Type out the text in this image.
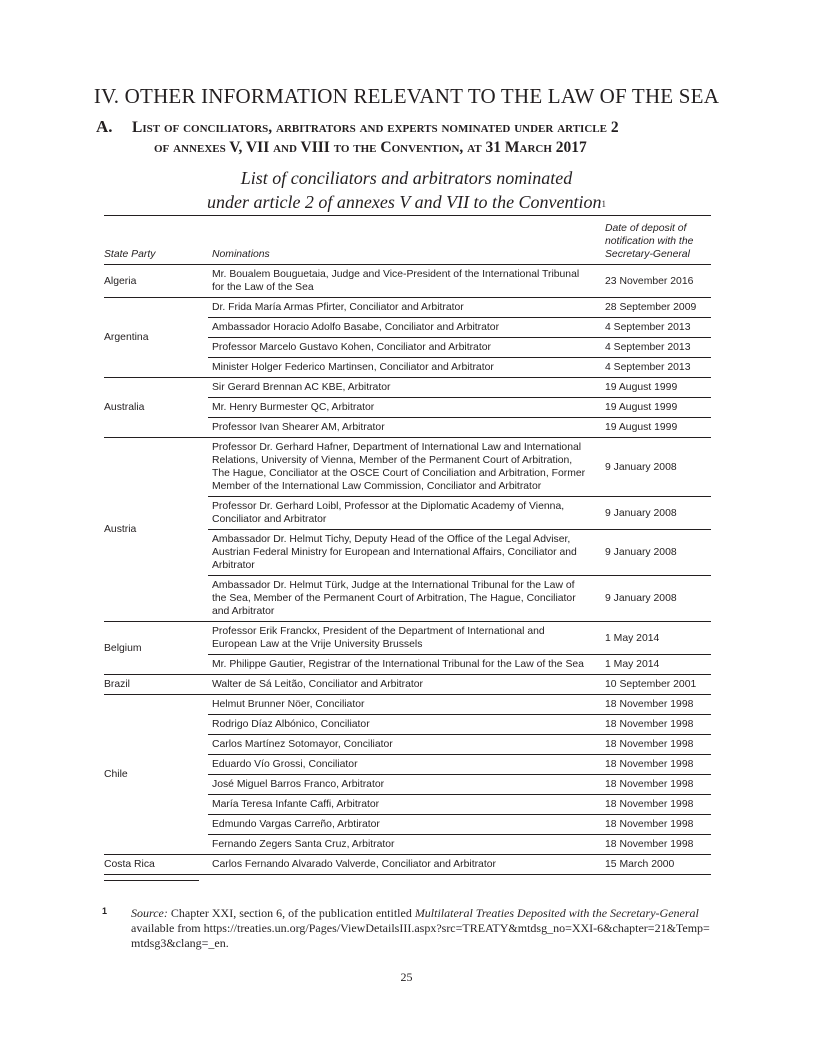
IV. OTHER INFORMATION RELEVANT TO THE LAW OF THE SEA
A. List of conciliators, arbitrators and experts nominated under article 2
of annexes V, VII and VIII to the Convention, at 31 March 2017
List of conciliators and arbitrators nominated
under article 2 of annexes V and VII to the Convention$^1$
State Party	Nominations	Date of deposit of
notification with the
Secretary-General

Algeria	Mr. Boualem Bouguetaia, Judge and Vice-President of the International Tribunal for the Law of the Sea	23 November 2016
Argentina	Dr. Frida María Armas Pfirter, Conciliator and Arbitrator	28 September 2009
	Ambassador Horacio Adolfo Basabe, Conciliator and Arbitrator	4 September 2013
	Professor Marcelo Gustavo Kohen, Conciliator and Arbitrator	4 September 2013
	Minister Holger Federico Martinsen, Conciliator and Arbitrator	4 September 2013
Australia	Sir Gerard Brennan AC KBE, Arbitrator	19 August 1999
	Mr. Henry Burmester QC, Arbitrator	19 August 1999
	Professor Ivan Shearer AM, Arbitrator	19 August 1999
Austria	Professor Dr. Gerhard Hafner, Department of International Law and International Relations, University of Vienna, Member of the Permanent Court of Arbitration, The Hague, Conciliator at the OSCE Court of Conciliation and Arbitration, Former Member of the International Law Commission, Conciliator and Arbitrator	9 January 2008
	Professor Dr. Gerhard Loibl, Professor at the Diplomatic Academy of Vienna, Conciliator and Arbitrator	9 January 2008
	Ambassador Dr. Helmut Tichy, Deputy Head of the Office of the Legal Adviser, Austrian Federal Ministry for European and International Affairs, Conciliator and Arbitrator	9 January 2008
	Ambassador Dr. Helmut Türk, Judge at the International Tribunal for the Law of the Sea, Member of the Permanent Court of Arbitration, The Hague, Conciliator and Arbitrator	9 January 2008
Belgium	Professor Erik Franckx, President of the Department of International and European Law at the Vrije University Brussels	1 May 2014
	Mr. Philippe Gautier, Registrar of the International Tribunal for the Law of the Sea	1 May 2014
Brazil	Walter de Sá Leitão, Conciliator and Arbitrator	10 September 2001
Chile	Helmut Brunner Nöer, Conciliator	18 November 1998
	Rodrigo Díaz Albónico, Conciliator	18 November 1998
	Carlos Martínez Sotomayor, Conciliator	18 November 1998
	Eduardo Vío Grossi, Conciliator	18 November 1998
	José Miguel Barros Franco, Arbitrator	18 November 1998
	María Teresa Infante Caffi, Arbitrator	18 November 1998
	Edmundo Vargas Carreño, Arbtirator	18 November 1998
	Fernando Zegers Santa Cruz, Arbitrator	18 November 1998
Costa Rica	Carlos Fernando Alvarado Valverde, Conciliator and Arbitrator	15 March 2000
1	Source: Chapter XXI, section 6, of the publication entitled Multilateral Treaties Deposited with the Secretary-General available from https://treaties.un.org/Pages/ViewDetailsIII.aspx?src=TREATY&mtdsg_no=XXI-6&chapter=21&Temp=mtdsg3&clang=_en.
25
